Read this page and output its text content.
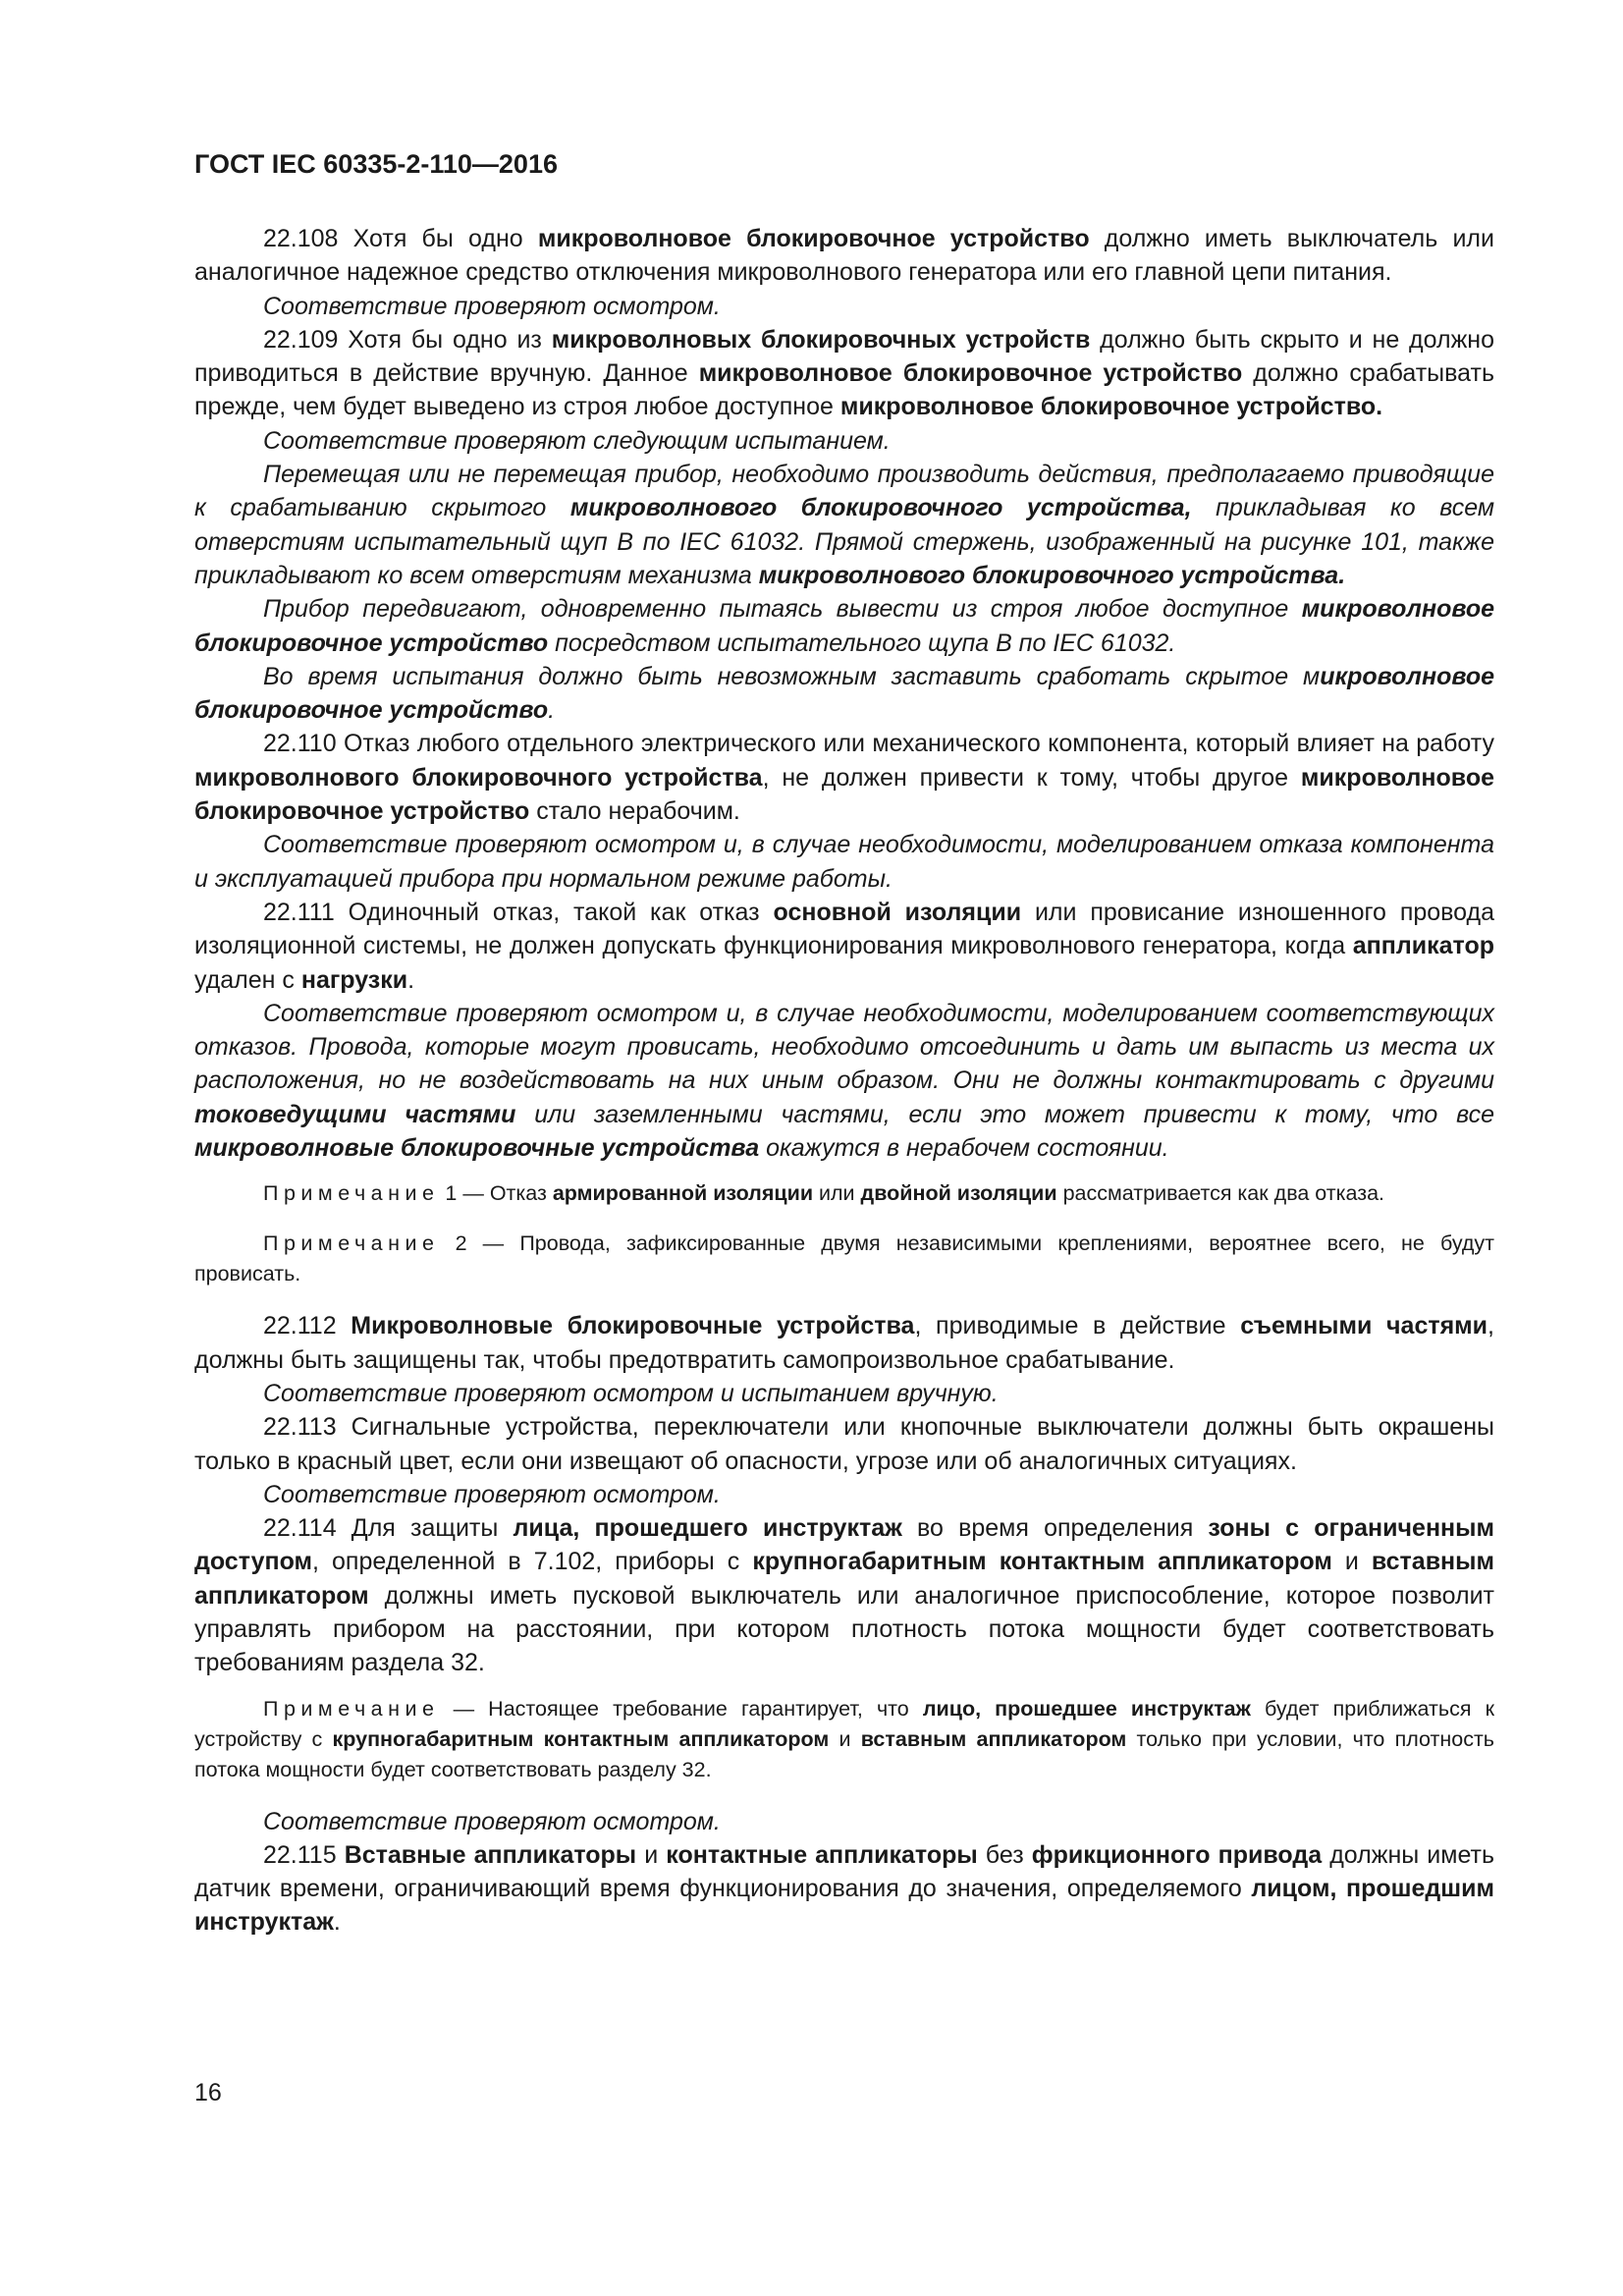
ГОСТ IEC 60335-2-110—2016

22.108 Хотя бы одно микроволновое блокировочное устройство должно иметь выключатель или аналогичное надежное средство отключения микроволнового генератора или его главной цепи питания.

Соответствие проверяют осмотром.

22.109 Хотя бы одно из микроволновых блокировочных устройств должно быть скрыто и не должно приводиться в действие вручную. Данное микроволновое блокировочное устройство должно срабатывать прежде, чем будет выведено из строя любое доступное микроволновое блокировочное устройство.

Соответствие проверяют следующим испытанием.

Перемещая или не перемещая прибор, необходимо производить действия, предполагаемо приводящие к срабатыванию скрытого микроволнового блокировочного устройства, прикладывая ко всем отверстиям испытательный щуп В по IEC 61032. Прямой стержень, изображенный на рисунке 101, также прикладывают ко всем отверстиям механизма микроволнового блокировочного устройства.

Прибор передвигают, одновременно пытаясь вывести из строя любое доступное микроволновое блокировочное устройство посредством испытательного щупа В по IEC 61032.

Во время испытания должно быть невозможным заставить сработать скрытое микроволновое блокировочное устройство.

22.110 Отказ любого отдельного электрического или механического компонента, который влияет на работу микроволнового блокировочного устройства, не должен привести к тому, чтобы другое микроволновое блокировочное устройство стало нерабочим.

Соответствие проверяют осмотром и, в случае необходимости, моделированием отказа компонента и эксплуатацией прибора при нормальном режиме работы.

22.111 Одиночный отказ, такой как отказ основной изоляции или провисание изношенного провода изоляционной системы, не должен допускать функционирования микроволнового генератора, когда аппликатор удален с нагрузки.

Соответствие проверяют осмотром и, в случае необходимости, моделированием соответствующих отказов. Провода, которые могут провисать, необходимо отсоединить и дать им выпасть из места их расположения, но не воздействовать на них иным образом. Они не должны контактировать с другими токоведущими частями или заземленными частями, если это может привести к тому, что все микроволновые блокировочные устройства окажутся в нерабочем состоянии.

Примечание 1 — Отказ армированной изоляции или двойной изоляции рассматривается как два отказа.

Примечание 2 — Провода, зафиксированные двумя независимыми креплениями, вероятнее всего, не будут провисать.

22.112 Микроволновые блокировочные устройства, приводимые в действие съемными частями, должны быть защищены так, чтобы предотвратить самопроизвольное срабатывание.

Соответствие проверяют осмотром и испытанием вручную.

22.113 Сигнальные устройства, переключатели или кнопочные выключатели должны быть окрашены только в красный цвет, если они извещают об опасности, угрозе или об аналогичных ситуациях.

Соответствие проверяют осмотром.

22.114 Для защиты лица, прошедшего инструктаж во время определения зоны с ограниченным доступом, определенной в 7.102, приборы с крупногабаритным контактным аппликатором и вставным аппликатором должны иметь пусковой выключатель или аналогичное приспособление, которое позволит управлять прибором на расстоянии, при котором плотность потока мощности будет соответствовать требованиям раздела 32.

Примечание — Настоящее требование гарантирует, что лицо, прошедшее инструктаж будет приближаться к устройству с крупногабаритным контактным аппликатором и вставным аппликатором только при условии, что плотность потока мощности будет соответствовать разделу 32.

Соответствие проверяют осмотром.

22.115 Вставные аппликаторы и контактные аппликаторы без фрикционного привода должны иметь датчик времени, ограничивающий время функционирования до значения, определяемого лицом, прошедшим инструктаж.

16
